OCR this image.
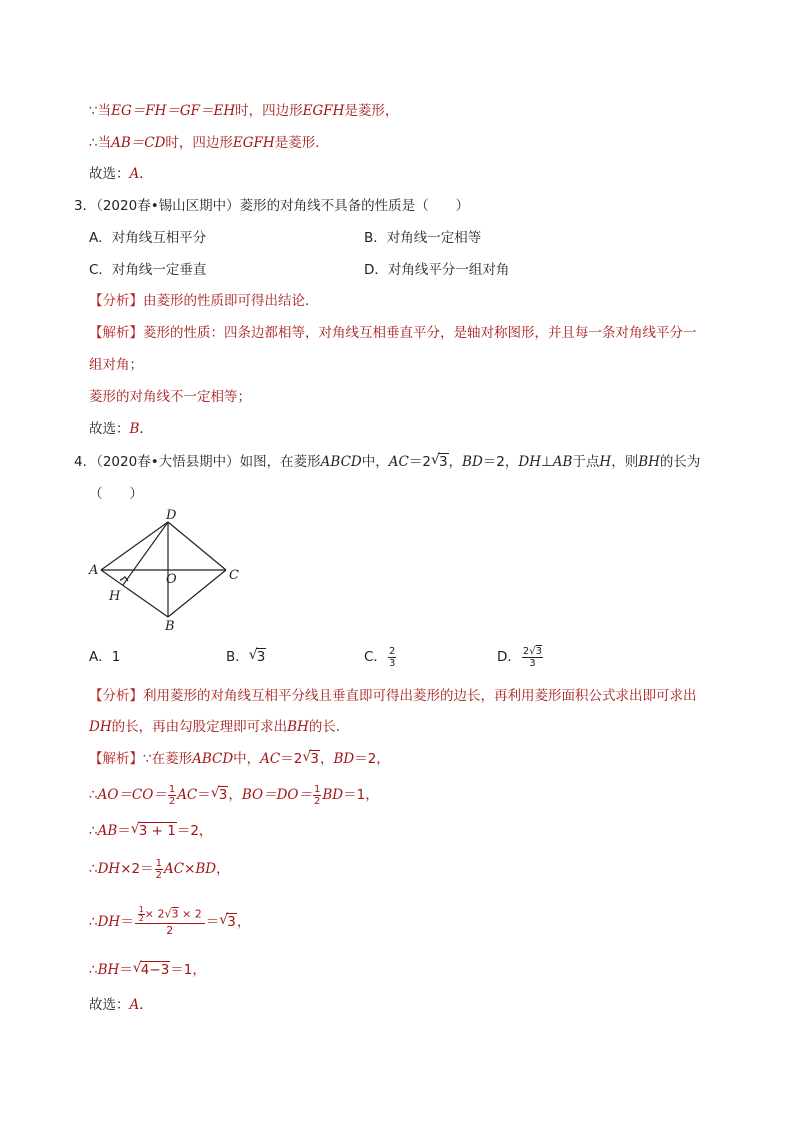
∵当EG＝FH＝GF＝EH时，四边形EGFH是菱形，
∴当AB＝CD时，四边形EGFH是菱形．
故选：A．
3．（2020春•锡山区期中）菱形的对角线不具备的性质是（　　）
A．对角线互相平分	B．对角线一定相等
C．对角线一定垂直	D．对角线平分一组对角
【分析】由菱形的性质即可得出结论．
【解析】菱形的性质：四条边都相等，对角线互相垂直平分，是轴对称图形，并且每一条对角线平分一
组对角；
菱形的对角线不一定相等；
故选：B．
4．（2020春•大悟县期中）如图，在菱形ABCD中，AC＝2 √ 3，BD＝2，DH⊥AB于点H，则BH的长为
（　　）
A
D
C
B
O
H
A．1	B． √ 3	C． $\frac{2}{3}$	D． $\frac{2√3}{3}$
【分析】利用菱形的对角线互相平分线且垂直即可得出菱形的边长，再利用菱形面积公式求出即可求出
DH的长，再由勾股定理即可求出BH的长．
【解析】∵在菱形ABCD中，AC＝2 √ 3，BD＝2，
∴AO＝CO＝ $\frac{1}{2} AC=$ √ 3，$BO=DO= \frac{1}{2} BD=1$，
∴AB＝ √ 3 + 1＝2，
∴DH×2＝ $\frac{1}{2} AC\times BD$，
∴DH＝ $\frac{\frac{1}{2} \times 2√3 \times 2}{2}$ ＝ √ 3，
∴BH＝ √ 4−3＝1，
故选：A．
